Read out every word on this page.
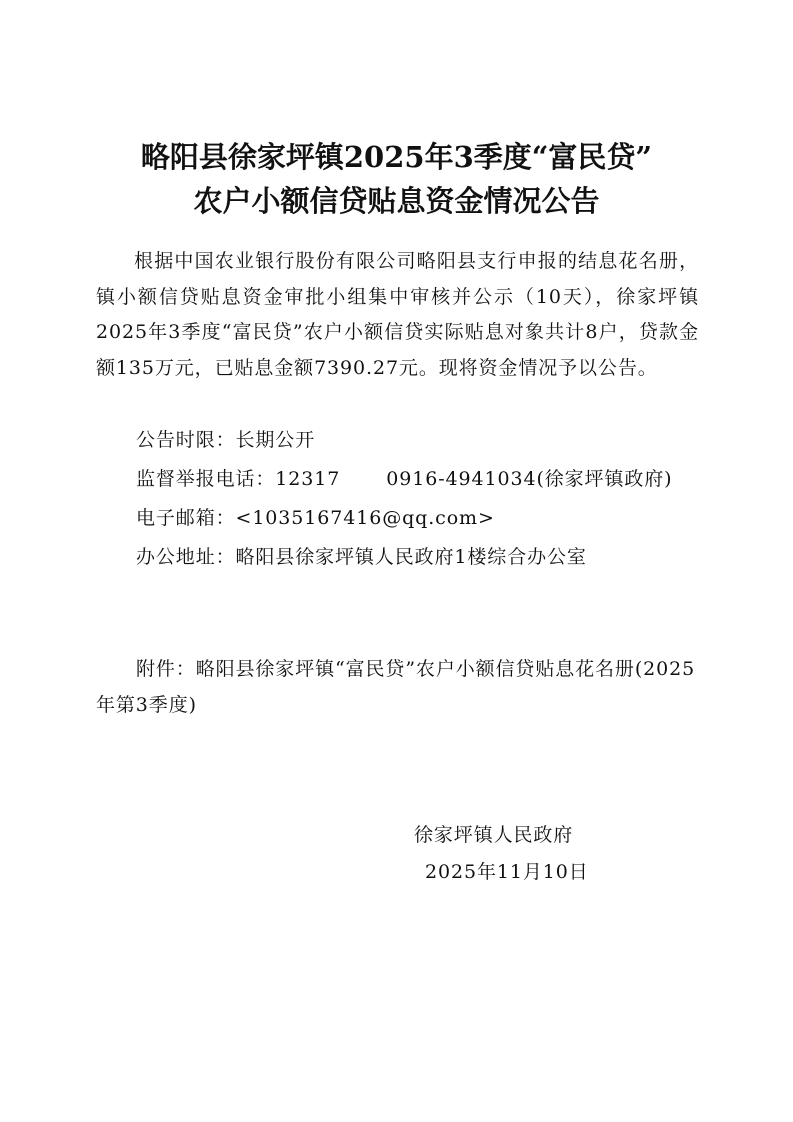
略阳县徐家坪镇2025年3季度“富民贷”
农户小额信贷贴息资金情况公告
根据中国农业银行股份有限公司略阳县支行申报的结息花名册，镇小额信贷贴息资金审批小组集中审核并公示（10天），徐家坪镇2025年3季度“富民贷”农户小额信贷实际贴息对象共计8户，贷款金额135万元，已贴息金额7390.27元。现将资金情况予以公告。
公告时限：长期公开
监督举报电话：12317 0916-4941034(徐家坪镇政府)
电子邮箱：<1035167416@qq.com>
办公地址：略阳县徐家坪镇人民政府1楼综合办公室
附件：略阳县徐家坪镇“富民贷”农户小额信贷贴息花名册(2025年第3季度)
徐家坪镇人民政府
2025年11月10日
